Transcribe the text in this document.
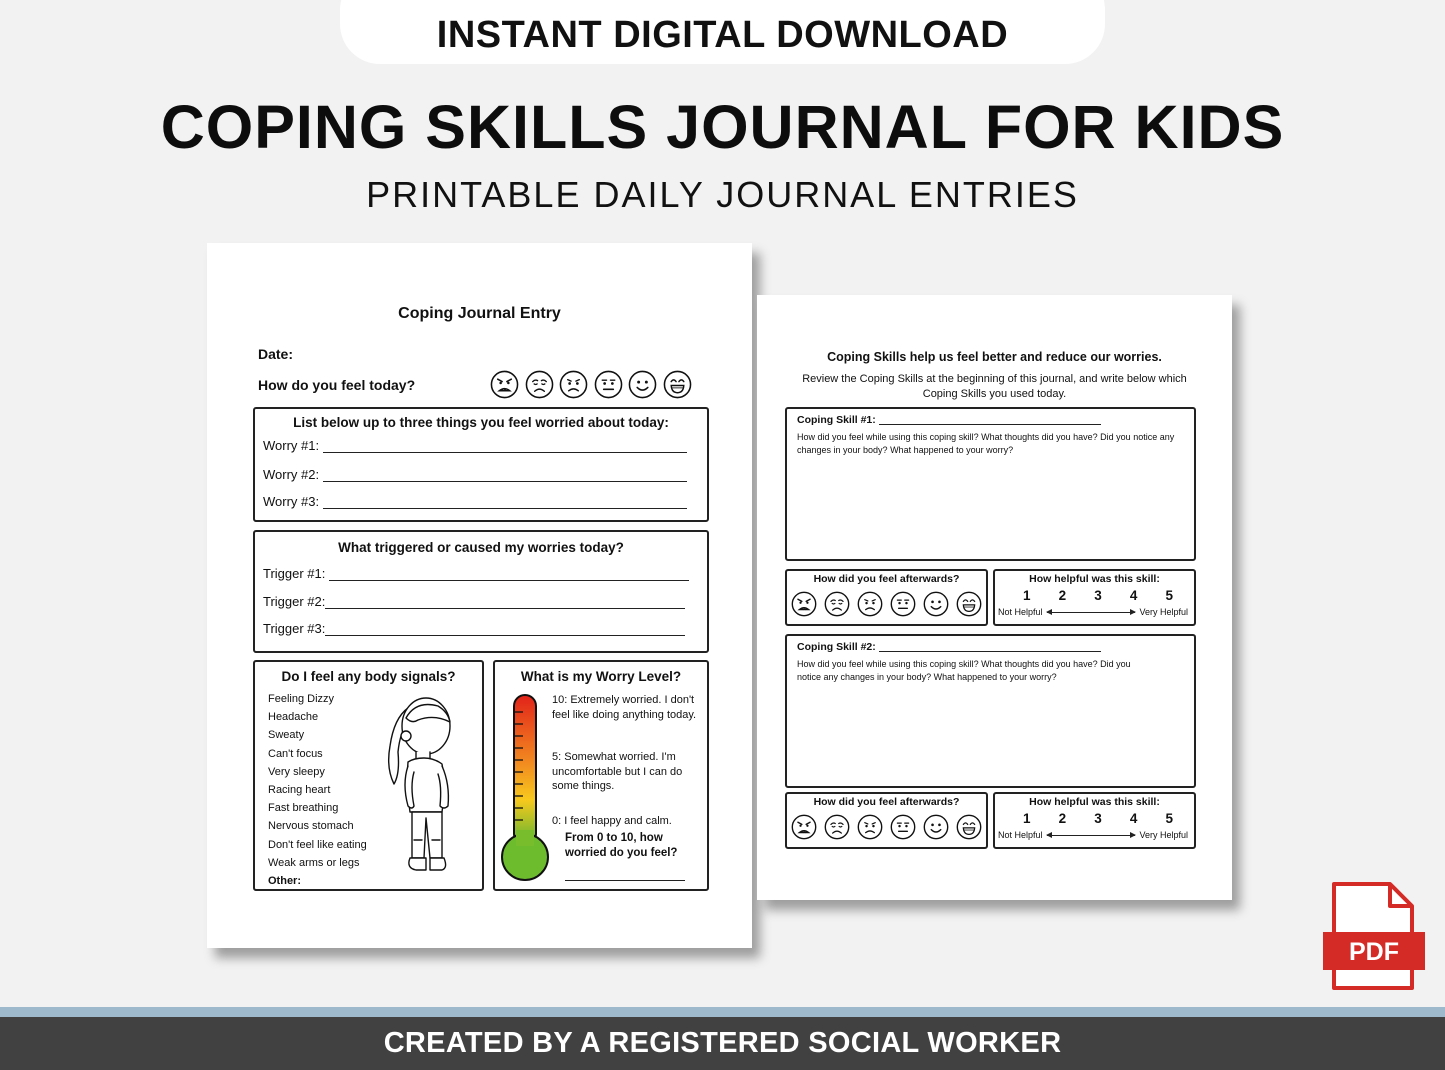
INSTANT DIGITAL DOWNLOAD
COPING SKILLS JOURNAL FOR KIDS
PRINTABLE DAILY JOURNAL ENTRIES
Coping Journal Entry
Date:
How do you feel today?
List below up to three things you feel worried about today:
Worry #1:
Worry #2:
Worry #3:
What triggered or caused my worries today?
Trigger #1:
Trigger #2:
Trigger #3:
Do I feel any body signals?
Feeling Dizzy
Headache
Sweaty
Can't focus
Very sleepy
Racing heart
Fast breathing
Nervous stomach
Don't feel like eating
Weak arms or legs
Other:
What is my Worry Level?
10: Extremely worried. I don't feel like doing anything today.
5: Somewhat worried. I'm uncomfortable but I can do some things.
0: I feel happy and calm.
From 0 to 10, how worried do you feel?
Coping Skills help us feel better and reduce our worries.
Review the Coping Skills at the beginning of this journal, and write below which Coping Skills you used today.
Coping Skill #1:
How did you feel while using this coping skill? What thoughts did you have? Did you notice any changes in your body? What happened to your worry?
How did you feel afterwards?	How helpful was this skill:
1 2 3 4 5
Not Helpful	Very Helpful
Coping Skill #2:
How did you feel while using this coping skill? What thoughts did you have? Did you notice any changes in your body? What happened to your worry?
How did you feel afterwards?	How helpful was this skill:
1 2 3 4 5
Not Helpful	Very Helpful
PDF
CREATED BY A REGISTERED SOCIAL WORKER
